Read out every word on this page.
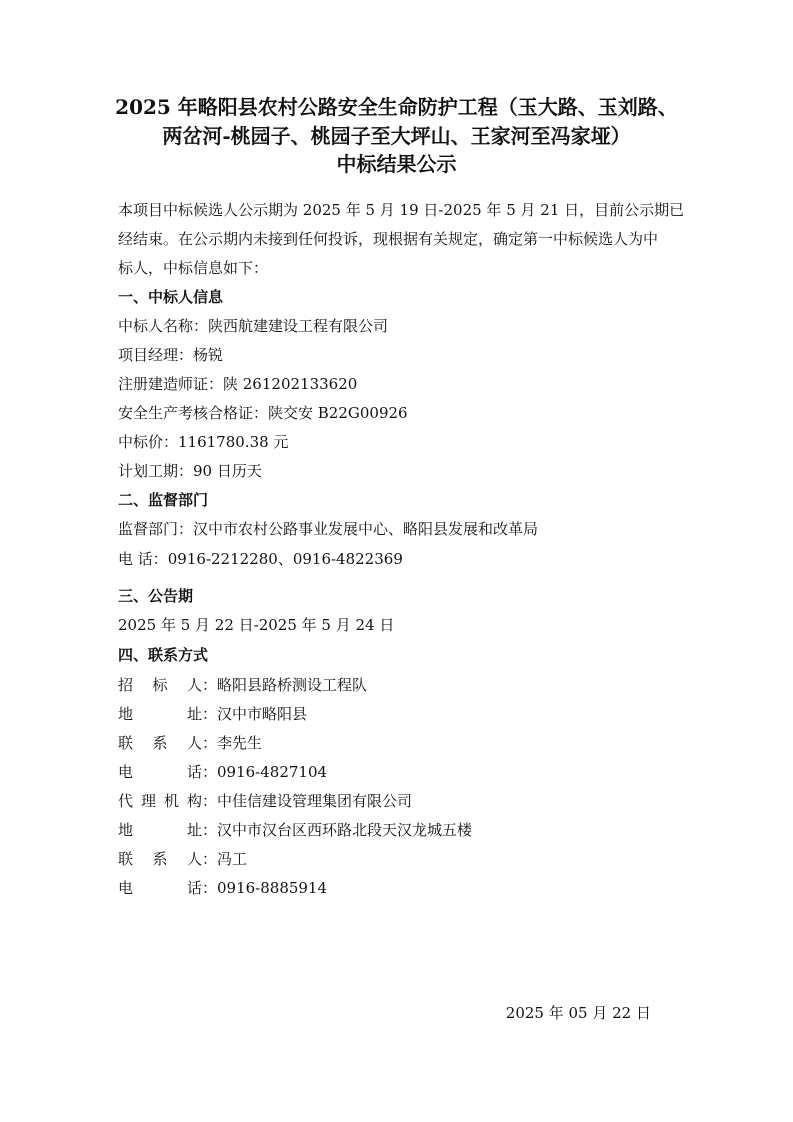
2025 年略阳县农村公路安全生命防护工程（玉大路、玉刘路、
两岔河-桃园子、桃园子至大坪山、王家河至冯家垭）
中标结果公示
本项目中标候选人公示期为 2025 年 5 月 19 日-2025 年 5 月 21 日，目前公示期已
经结束。在公示期内未接到任何投诉，现根据有关规定，确定第一中标候选人为中
标人，中标信息如下：
一、中标人信息
中标人名称：陕西航建建设工程有限公司
项目经理：杨锐
注册建造师证：陕 261202133620
安全生产考核合格证：陕交安 B22G00926
中标价：1161780.38 元
计划工期：90 日历天
二、监督部门
监督部门：汉中市农村公路事业发展中心、略阳县发展和改革局
电 话：0916-2212280、0916-4822369
三、公告期
2025 年 5 月 22 日-2025 年 5 月 24 日
四、联系方式
招 标 人：略阳县路桥测设工程队
地 址：汉中市略阳县
联 系 人：李先生
电 话：0916-4827104
代理机构：中佳信建设管理集团有限公司
地 址：汉中市汉台区西环路北段天汉龙城五楼
联 系 人：冯工
电 话：0916-8885914
2025 年 05 月 22 日
